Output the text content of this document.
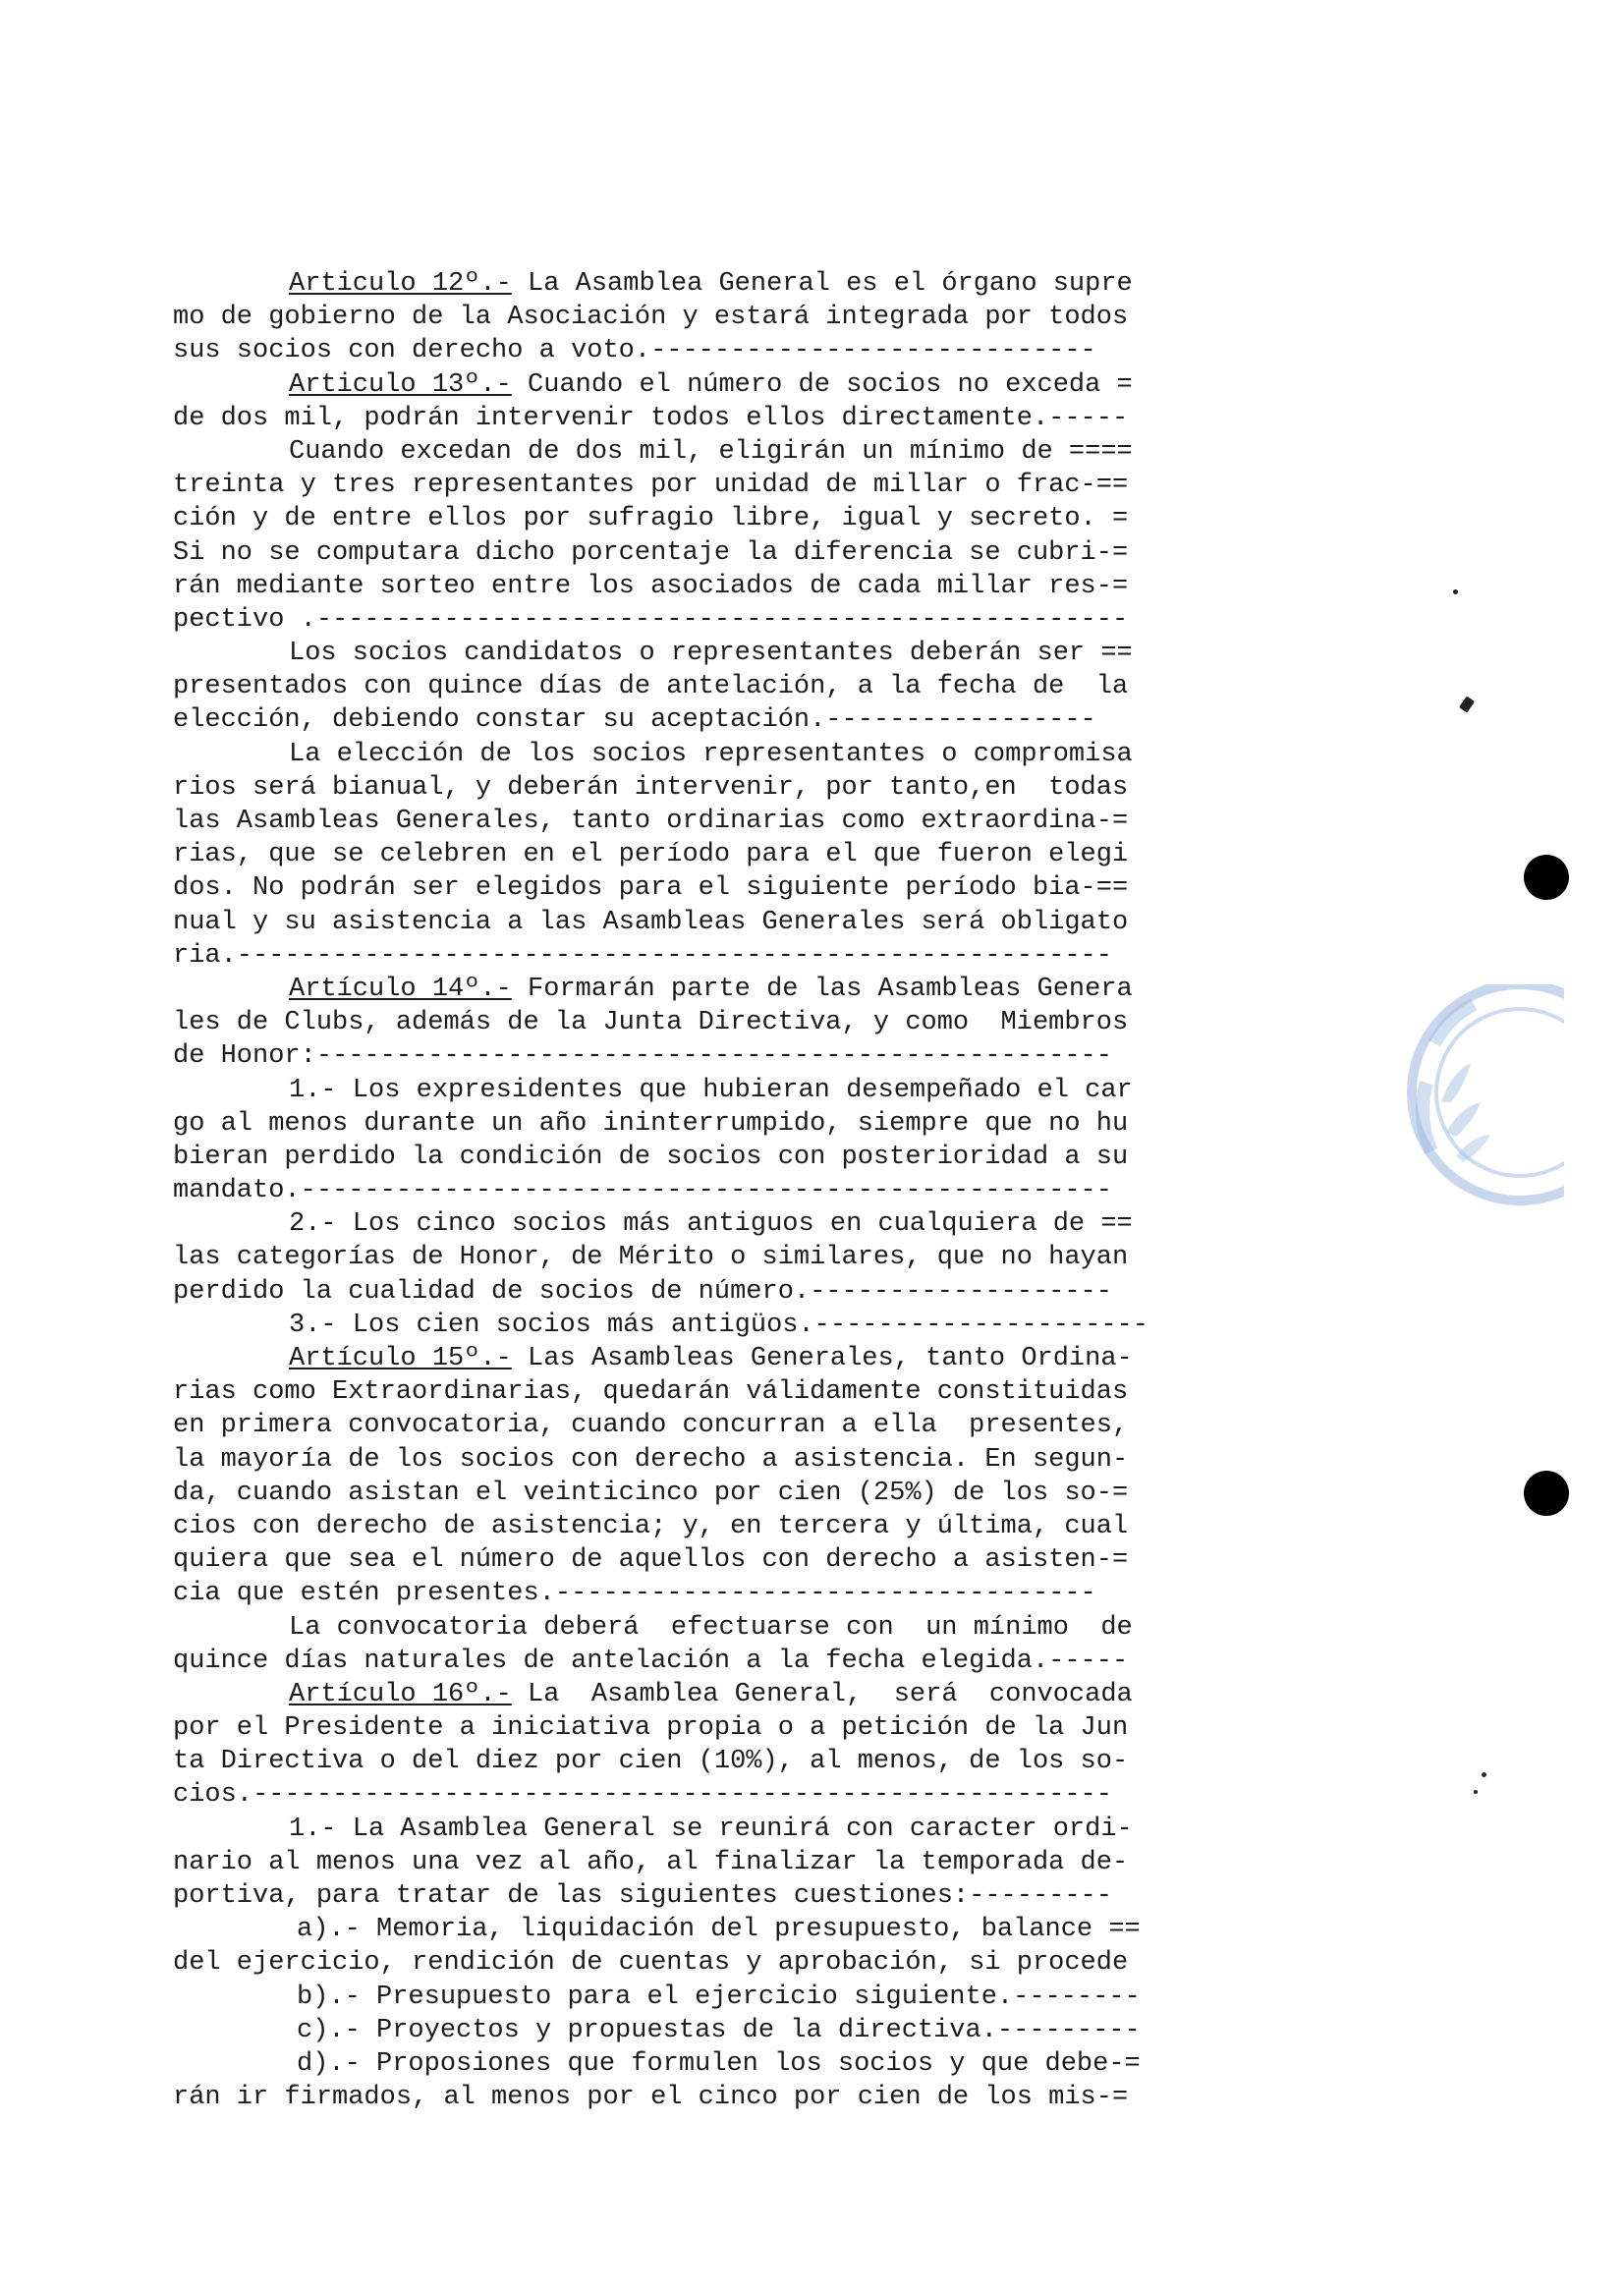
Articulo 12º.- La Asamblea General es el órgano supre
mo de gobierno de la Asociación y estará integrada por todos
sus socios con derecho a voto.----------------------------
Articulo 13º.- Cuando el número de socios no exceda =
de dos mil, podrán intervenir todos ellos directamente.-----
Cuando excedan de dos mil, eligirán un mínimo de ====
treinta y tres representantes por unidad de millar o frac-==
ción y de entre ellos por sufragio libre, igual y secreto. =
Si no se computara dicho porcentaje la diferencia se cubri-=
rán mediante sorteo entre los asociados de cada millar res-=
pectivo .---------------------------------------------------
Los socios candidatos o representantes deberán ser ==
presentados con quince días de antelación, a la fecha de  la
elección, debiendo constar su aceptación.-----------------
La elección de los socios representantes o compromisa
rios será bianual, y deberán intervenir, por tanto,en  todas
las Asambleas Generales, tanto ordinarias como extraordina-=
rias, que se celebren en el período para el que fueron elegi
dos. No podrán ser elegidos para el siguiente período bia-==
nual y su asistencia a las Asambleas Generales será obligato
ria.-------------------------------------------------------
Artículo 14º.- Formarán parte de las Asambleas Genera
les de Clubs, además de la Junta Directiva, y como  Miembros
de Honor:--------------------------------------------------
1.- Los expresidentes que hubieran desempeñado el car
go al menos durante un año ininterrumpido, siempre que no hu
bieran perdido la condición de socios con posterioridad a su
mandato.---------------------------------------------------
2.- Los cinco socios más antiguos en cualquiera de ==
las categorías de Honor, de Mérito o similares, que no hayan
perdido la cualidad de socios de número.-------------------
3.- Los cien socios más antigüos.---------------------
Artículo 15º.- Las Asambleas Generales, tanto Ordina-
rias como Extraordinarias, quedarán válidamente constituidas
en primera convocatoria, cuando concurran a ella  presentes,
la mayoría de los socios con derecho a asistencia. En segun-
da, cuando asistan el veinticinco por cien (25%) de los so-=
cios con derecho de asistencia; y, en tercera y última, cual
quiera que sea el número de aquellos con derecho a asisten-=
cia que estén presentes.----------------------------------
La convocatoria deberá  efectuarse con  un mínimo  de
quince días naturales de antelación a la fecha elegida.-----
Artículo 16º.- La  Asamblea General,  será  convocada
por el Presidente a iniciativa propia o a petición de la Jun
ta Directiva o del diez por cien (10%), al menos, de los so-
cios.------------------------------------------------------
1.- La Asamblea General se reunirá con caracter ordi-
nario al menos una vez al año, al finalizar la temporada de-
portiva, para tratar de las siguientes cuestiones:---------
a).- Memoria, liquidación del presupuesto, balance ==
del ejercicio, rendición de cuentas y aprobación, si procede
b).- Presupuesto para el ejercicio siguiente.--------
c).- Proyectos y propuestas de la directiva.---------
d).- Proposiones que formulen los socios y que debe-=
rán ir firmados, al menos por el cinco por cien de los mis-=
